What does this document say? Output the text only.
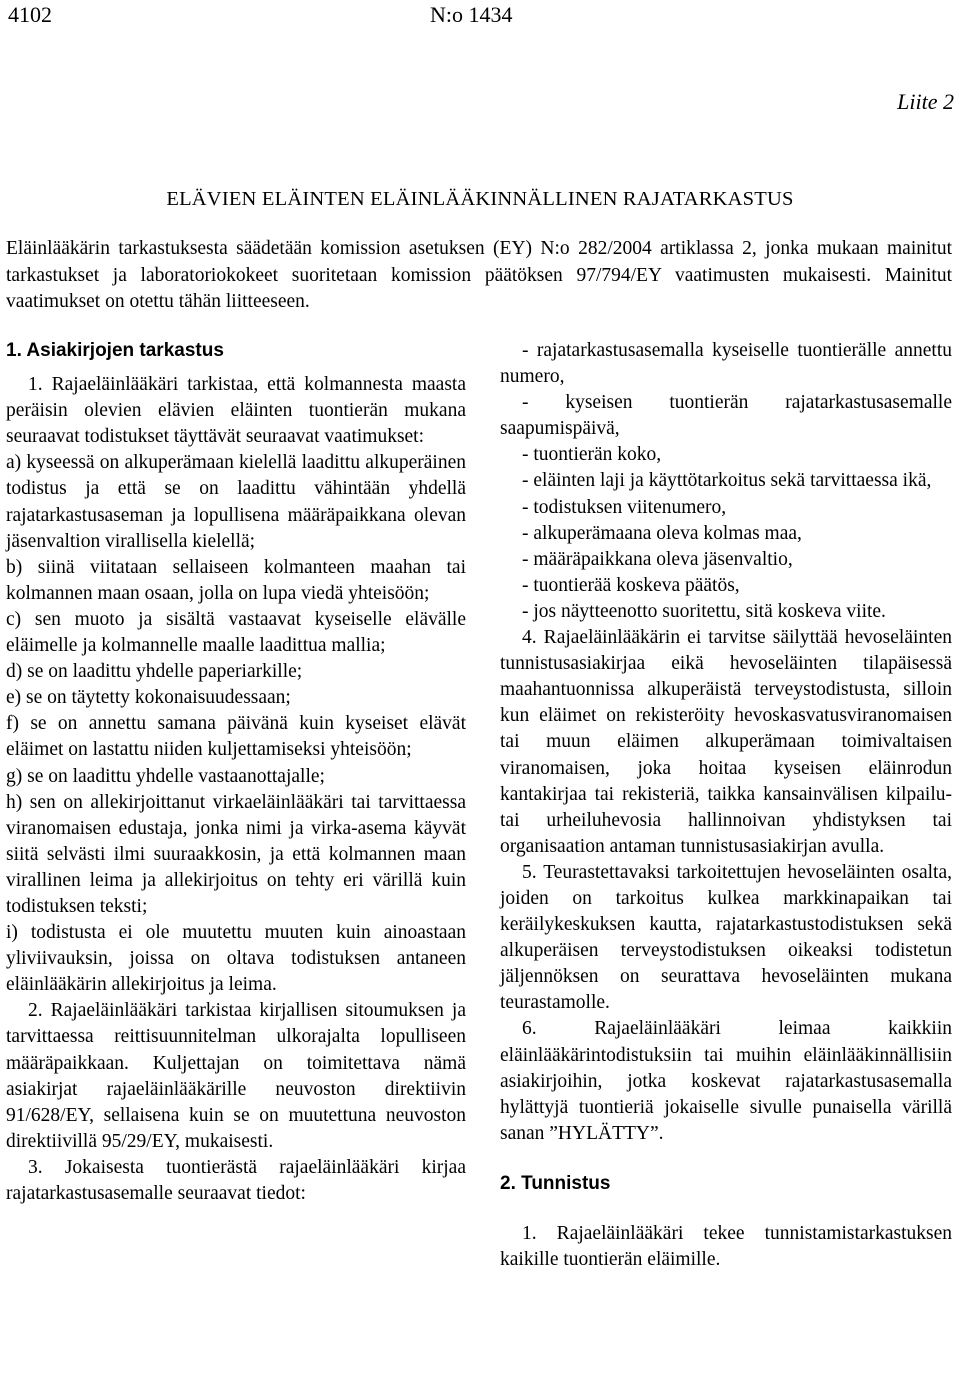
4102	N:o 1434
Liite 2
ELÄVIEN ELÄINTEN ELÄINLÄÄKINNÄLLINEN RAJATARKASTUS

Eläinlääkärin tarkastuksesta säädetään komission asetuksen (EY) N:o 282/2004 artiklassa 2, jonka mukaan mainitut tarkastukset ja laboratoriokokeet suoritetaan komission päätöksen 97/794/EY vaatimusten mukaisesti. Mainitut vaatimukset on otettu tähän liitteeseen.

1. Asiakirjojen tarkastus

1. Rajaeläinlääkäri tarkistaa, että kolmannesta maasta peräisin olevien elävien eläinten tuontierän mukana seuraavat todistukset täyttävät seuraavat vaatimukset:

a) kyseessä on alkuperämaan kielellä laadittu alkuperäinen todistus ja että se on laadittu vähintään yhdellä rajatarkastusaseman ja lopullisena määräpaikkana olevan jäsenvaltion virallisella kielellä;

b) siinä viitataan sellaiseen kolmanteen maahan tai kolmannen maan osaan, jolla on lupa viedä yhteisöön;

c) sen muoto ja sisältä vastaavat kyseiselle elävälle eläimelle ja kolmannelle maalle laadittua mallia;

d) se on laadittu yhdelle paperiarkille;

e) se on täytetty kokonaisuudessaan;

f) se on annettu samana päivänä kuin kyseiset elävät eläimet on lastattu niiden kuljettamiseksi yhteisöön;

g) se on laadittu yhdelle vastaanottajalle;

h) sen on allekirjoittanut virkaeläinlääkäri tai tarvittaessa viranomaisen edustaja, jonka nimi ja virka-asema käyvät siitä selvästi ilmi suuraakkosin, ja että kolmannen maan virallinen leima ja allekirjoitus on tehty eri värillä kuin todistuksen teksti;

i) todistusta ei ole muutettu muuten kuin ainoastaan yliviivauksin, joissa on oltava todistuksen antaneen eläinlääkärin allekirjoitus ja leima.

2. Rajaeläinlääkäri tarkistaa kirjallisen sitoumuksen ja tarvittaessa reittisuunnitelman ulkorajalta lopulliseen määräpaikkaan. Kuljettajan on toimitettava nämä asiakirjat rajaeläinlääkärille neuvoston direktiivin 91/628/EY, sellaisena kuin se on muutettuna neuvoston direktiivillä 95/29/EY, mukaisesti.

3. Jokaisesta tuontierästä rajaeläinlääkäri kirjaa rajatarkastusasemalle seuraavat tiedot:

- rajatarkastusasemalla kyseiselle tuontierälle annettu numero,

- kyseisen tuontierän rajatarkastusasemalle saapumispäivä,

- tuontierän koko,

- eläinten laji ja käyttötarkoitus sekä tarvittaessa ikä,

- todistuksen viitenumero,

- alkuperämaana oleva kolmas maa,

- määräpaikkana oleva jäsenvaltio,

- tuontierää koskeva päätös,

- jos näytteenotto suoritettu, sitä koskeva viite.

4. Rajaeläinlääkärin ei tarvitse säilyttää hevoseläinten tunnistusasiakirjaa eikä hevoseläinten tilapäisessä maahantuonnissa alkuperäistä terveystodistusta, silloin kun eläimet on rekisteröity hevoskasvatusviranomaisen tai muun eläimen alkuperämaan toimivaltaisen viranomaisen, joka hoitaa kyseisen eläinrodun kantakirjaa tai rekisteriä, taikka kansainvälisen kilpailu- tai urheiluhevosia hallinnoivan yhdistyksen tai organisaation antaman tunnistusasiakirjan avulla.

5. Teurastettavaksi tarkoitettujen hevoseläinten osalta, joiden on tarkoitus kulkea markkinapaikan tai keräilykeskuksen kautta, rajatarkastustodistuksen sekä alkuperäisen terveystodistuksen oikeaksi todistetun jäljennöksen on seurattava hevoseläinten mukana teurastamolle.

6. Rajaeläinlääkäri leimaa kaikkiin eläinlääkärintodistuksiin tai muihin eläinlääkinnällisiin asiakirjoihin, jotka koskevat rajatarkastusasemalla hylättyjä tuontieriä jokaiselle sivulle punaisella värillä sanan ”HYLÄTTY”.

2. Tunnistus

1. Rajaeläinlääkäri tekee tunnistamistarkastuksen kaikille tuontierän eläimille.
